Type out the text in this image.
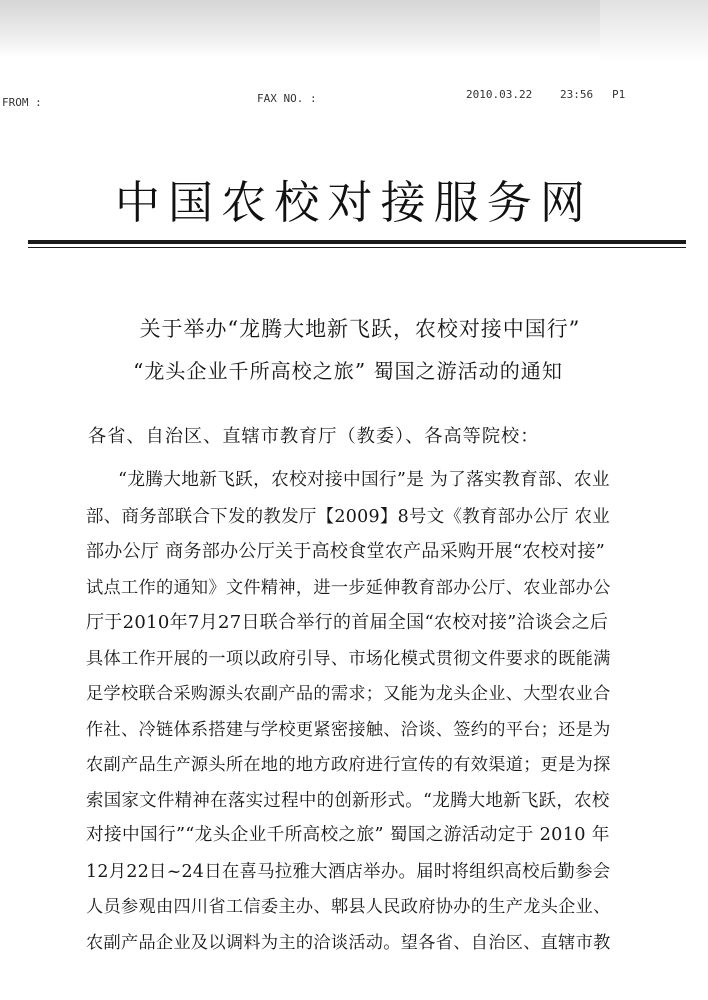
FROM :	FAX NO. :	2010.03.22	23:56 P1
中国农校对接服务网
关于举办“龙腾大地新飞跃，农校对接中国行”
“龙头企业千所高校之旅” 蜀国之游活动的通知
各省、自治区、直辖市教育厅（教委）、各高等院校：
“龙腾大地新飞跃，农校对接中国行”是 为了落实教育部、农业
部、商务部联合下发的教发厅【2009】8号文《教育部办公厅 农业
部办公厅 商务部办公厅关于高校食堂农产品采购开展“农校对接”
试点工作的通知》文件精神，进一步延伸教育部办公厅、农业部办公
厅于2010年7月27日联合举行的首届全国“农校对接”洽谈会之后
具体工作开展的一项以政府引导、市场化模式贯彻文件要求的既能满
足学校联合采购源头农副产品的需求；又能为龙头企业、大型农业合
作社、冷链体系搭建与学校更紧密接触、洽谈、签约的平台；还是为
农副产品生产源头所在地的地方政府进行宣传的有效渠道；更是为探
索国家文件精神在落实过程中的创新形式。“龙腾大地新飞跃，农校
对接中国行”“龙头企业千所高校之旅” 蜀国之游活动定于 2010 年
12月22日~24日在喜马拉雅大酒店举办。届时将组织高校后勤参会
人员参观由四川省工信委主办、郫县人民政府协办的生产龙头企业、
农副产品企业及以调料为主的洽谈活动。望各省、自治区、直辖市教
